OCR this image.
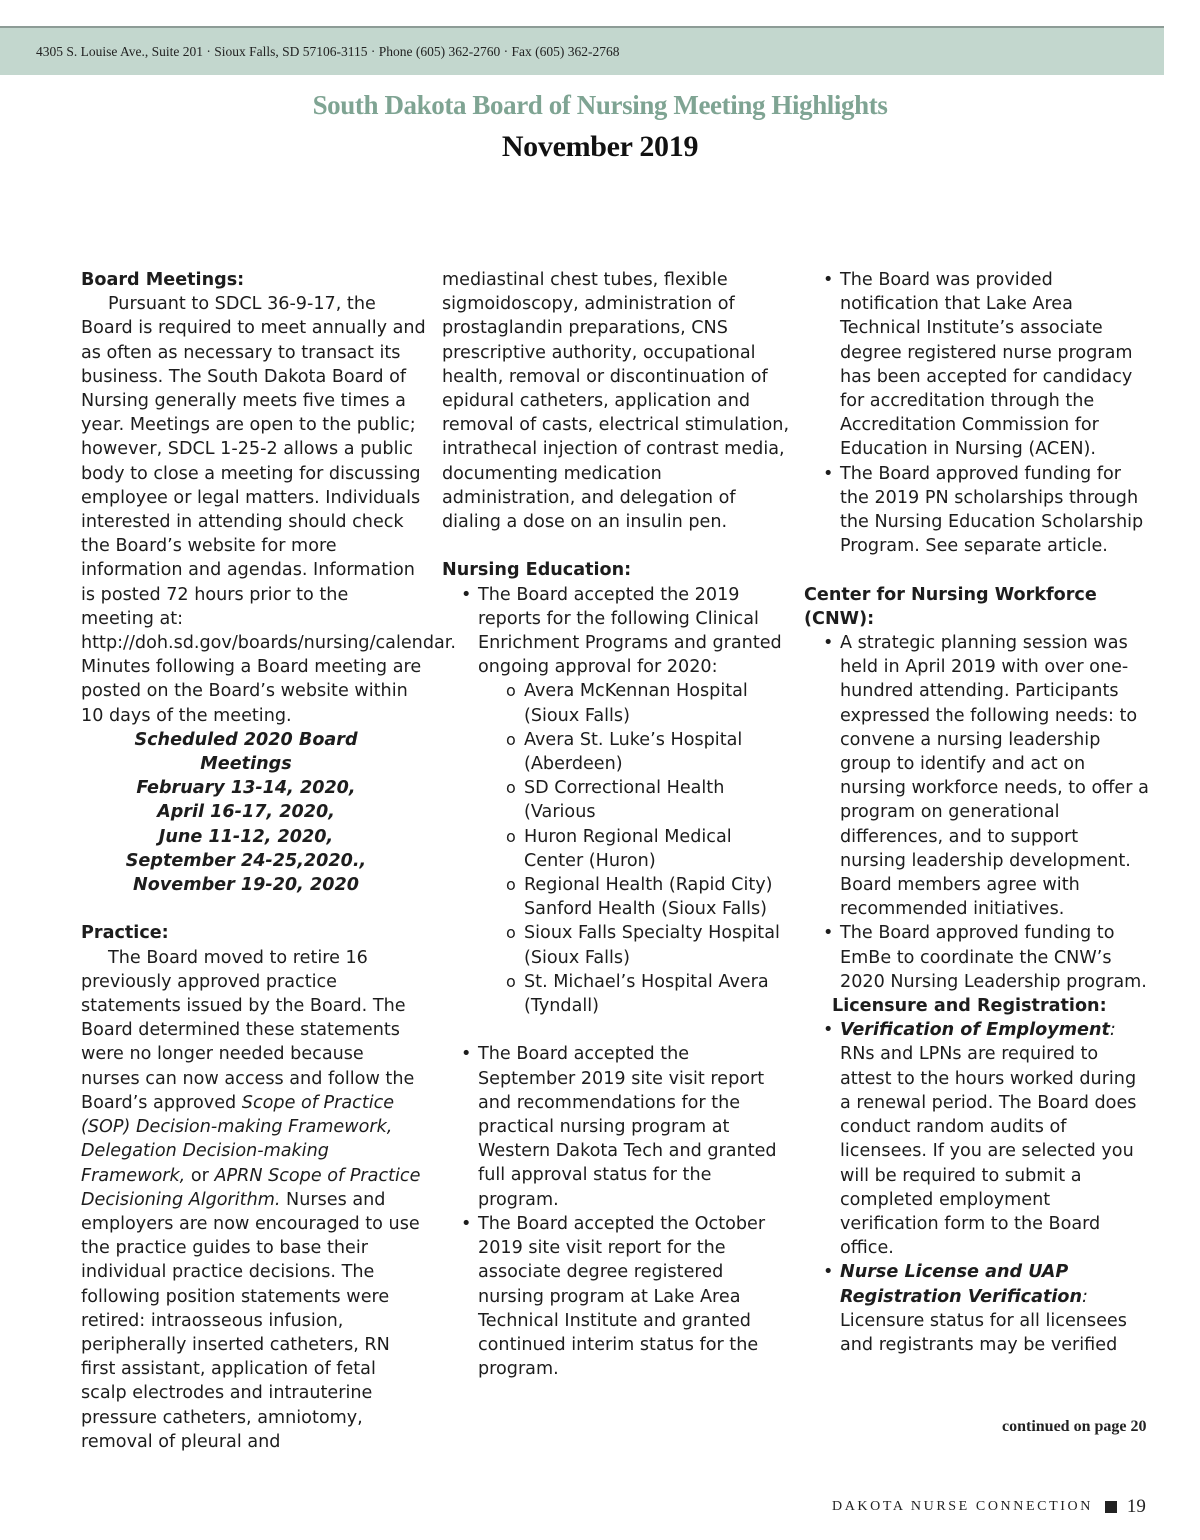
4305 S. Louise Ave., Suite 201 · Sioux Falls, SD 57106-3115 · Phone (605) 362-2760 · Fax (605) 362-2768
South Dakota Board of Nursing Meeting Highlights
November 2019

Board Meetings:

Pursuant to SDCL 36-9-17, the Board is required to meet annually and as often as necessary to transact its business. The South Dakota Board of Nursing generally meets five times a year. Meetings are open to the public; however, SDCL 1-25-2 allows a public body to close a meeting for discussing employee or legal matters. Individuals interested in attending should check the Board’s website for more information and agendas. Information is posted 72 hours prior to the meeting at: http://doh.sd.gov/boards/nursing/calendar. Minutes following a Board meeting are posted on the Board’s website within 10 days of the meeting.

Scheduled 2020 Board Meetings
February 13-14, 2020,
April 16-17, 2020,
June 11-12, 2020,
September 24-25,2020.,
November 19-20, 2020

Practice:

The Board moved to retire 16 previously approved practice statements issued by the Board. The Board determined these statements were no longer needed because nurses can now access and follow the Board’s approved Scope of Practice (SOP) Decision-making Framework, Delegation Decision-making Framework, or APRN Scope of Practice Decisioning Algorithm. Nurses and employers are now encouraged to use the practice guides to base their individual practice decisions. The following position statements were retired: intraosseous infusion, peripherally inserted catheters, RN first assistant, application of fetal scalp electrodes and intrauterine pressure catheters, amniotomy, removal of pleural and

• The Board was provided notification that Lake Area Technical Institute’s associate degree registered nurse program has been accepted for candidacy for accreditation through the Accreditation Commission for Education in Nursing (ACEN).
• The Board approved funding for the 2019 PN scholarships through the Nursing Education Scholarship Program. See separate article.

Center for Nursing Workforce (CNW):

• A strategic planning session was held in April 2019 with over one-hundred attending. Participants expressed the following needs: to convene a nursing leadership group to identify and act on nursing workforce needs, to offer a program on generational differences, and to support nursing leadership development. Board members agree with recommended initiatives.
• The Board approved funding to EmBe to coordinate the CNW’s 2020 Nursing Leadership program.

Licensure and Registration:

• Verification of Employment: RNs and LPNs are required to attest to the hours worked during a renewal period. The Board does conduct random audits of licensees. If you are selected you will be required to submit a completed employment verification form to the Board office.
• Nurse License and UAP Registration Verification: Licensure status for all licensees and registrants may be verified
continued on page 20
DAKOTA NURSE CONNECTION 19

mediastinal chest tubes, flexible sigmoidoscopy, administration of prostaglandin preparations, CNS prescriptive authority, occupational health, removal or discontinuation of epidural catheters, application and removal of casts, electrical stimulation, intrathecal injection of contrast media, documenting medication administration, and delegation of dialing a dose on an insulin pen.

Nursing Education:

• The Board accepted the 2019 reports for the following Clinical Enrichment Programs and granted ongoing approval for 2020:
o Avera McKennan Hospital (Sioux Falls)
o Avera St. Luke’s Hospital (Aberdeen)
o SD Correctional Health (Various
o Huron Regional Medical Center (Huron)
o Regional Health (Rapid City) Sanford Health (Sioux Falls)
o Sioux Falls Specialty Hospital (Sioux Falls)
o St. Michael’s Hospital Avera (Tyndall)
• The Board accepted the September 2019 site visit report and recommendations for the practical nursing program at Western Dakota Tech and granted full approval status for the program.
• The Board accepted the October 2019 site visit report for the associate degree registered nursing program at Lake Area Technical Institute and granted continued interim status for the program.
